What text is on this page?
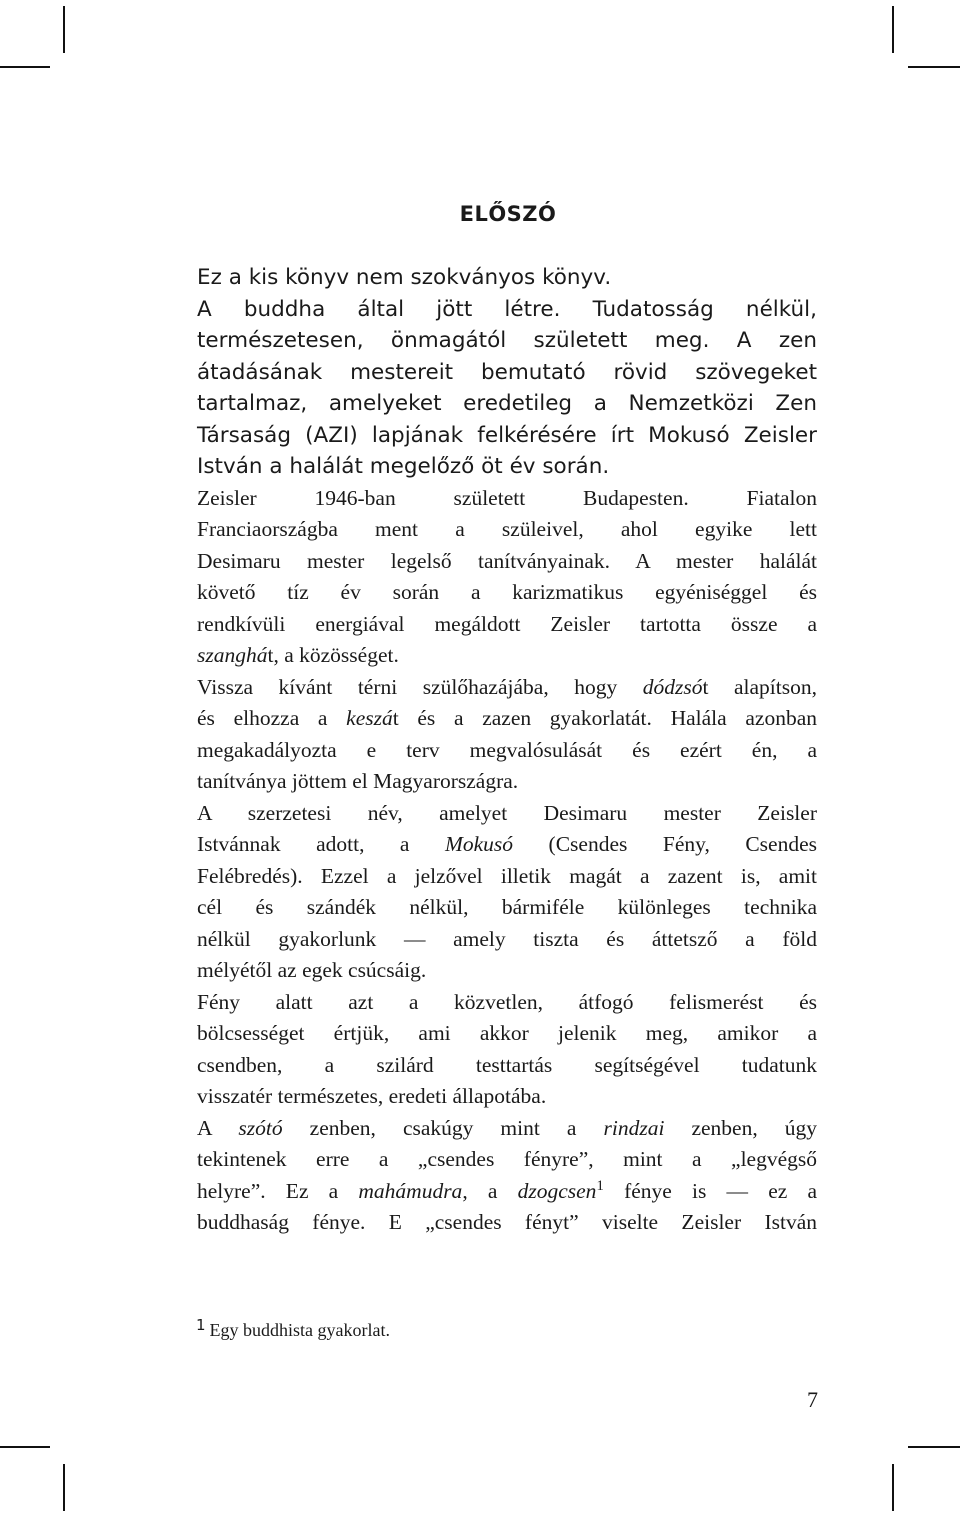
ELŐSZÓ
Ez a kis könyv nem szokványos könyv.
A buddha által jött létre. Tudatosság nélkül,
természetesen, önmagától született meg. A zen
átadásának mestereit bemutató rövid szövegeket
tartalmaz, amelyeket eredetileg a Nemzetközi Zen
Társaság (AZI) lapjának felkérésére írt Mokusó Zeisler
István a halálát megelőző öt év során.
Zeisler 1946-ban született Budapesten. Fiatalon
Franciaországba ment a szüleivel, ahol egyike lett
Desimaru mester legelső tanítványainak. A mester halálát
követő tíz év során a karizmatikus egyéniséggel és
rendkívüli energiával megáldott Zeisler tartotta össze a
szanghát, a közösséget.
Vissza kívánt térni szülőhazájába, hogy dódzsót alapítson,
és elhozza a keszát és a zazen gyakorlatát. Halála azonban
megakadályozta e terv megvalósulását és ezért én, a
tanítványa jöttem el Magyarországra.
A szerzetesi név, amelyet Desimaru mester Zeisler
Istvánnak adott, a Mokusó (Csendes Fény, Csendes
Felébredés). Ezzel a jelzővel illetik magát a zazent is, amit
cél és szándék nélkül, bármiféle különleges technika
nélkül gyakorlunk — amely tiszta és áttetsző a föld
mélyétől az egek csúcsáig.
Fény alatt azt a közvetlen, átfogó felismerést és
bölcsességet értjük, ami akkor jelenik meg, amikor a
csendben, a szilárd testtartás segítségével tudatunk
visszatér természetes, eredeti állapotába.
A szótó zenben, csakúgy mint a rindzai zenben, úgy
tekintenek erre a „csendes fényre”, mint a „legvégső
helyre”. Ez a mahámudra, a dzogcsen$^1$ fénye is — ez a
buddhaság fénye. E „csendes fényt” viselte Zeisler István
$^1$ Egy buddhista gyakorlat.
7
